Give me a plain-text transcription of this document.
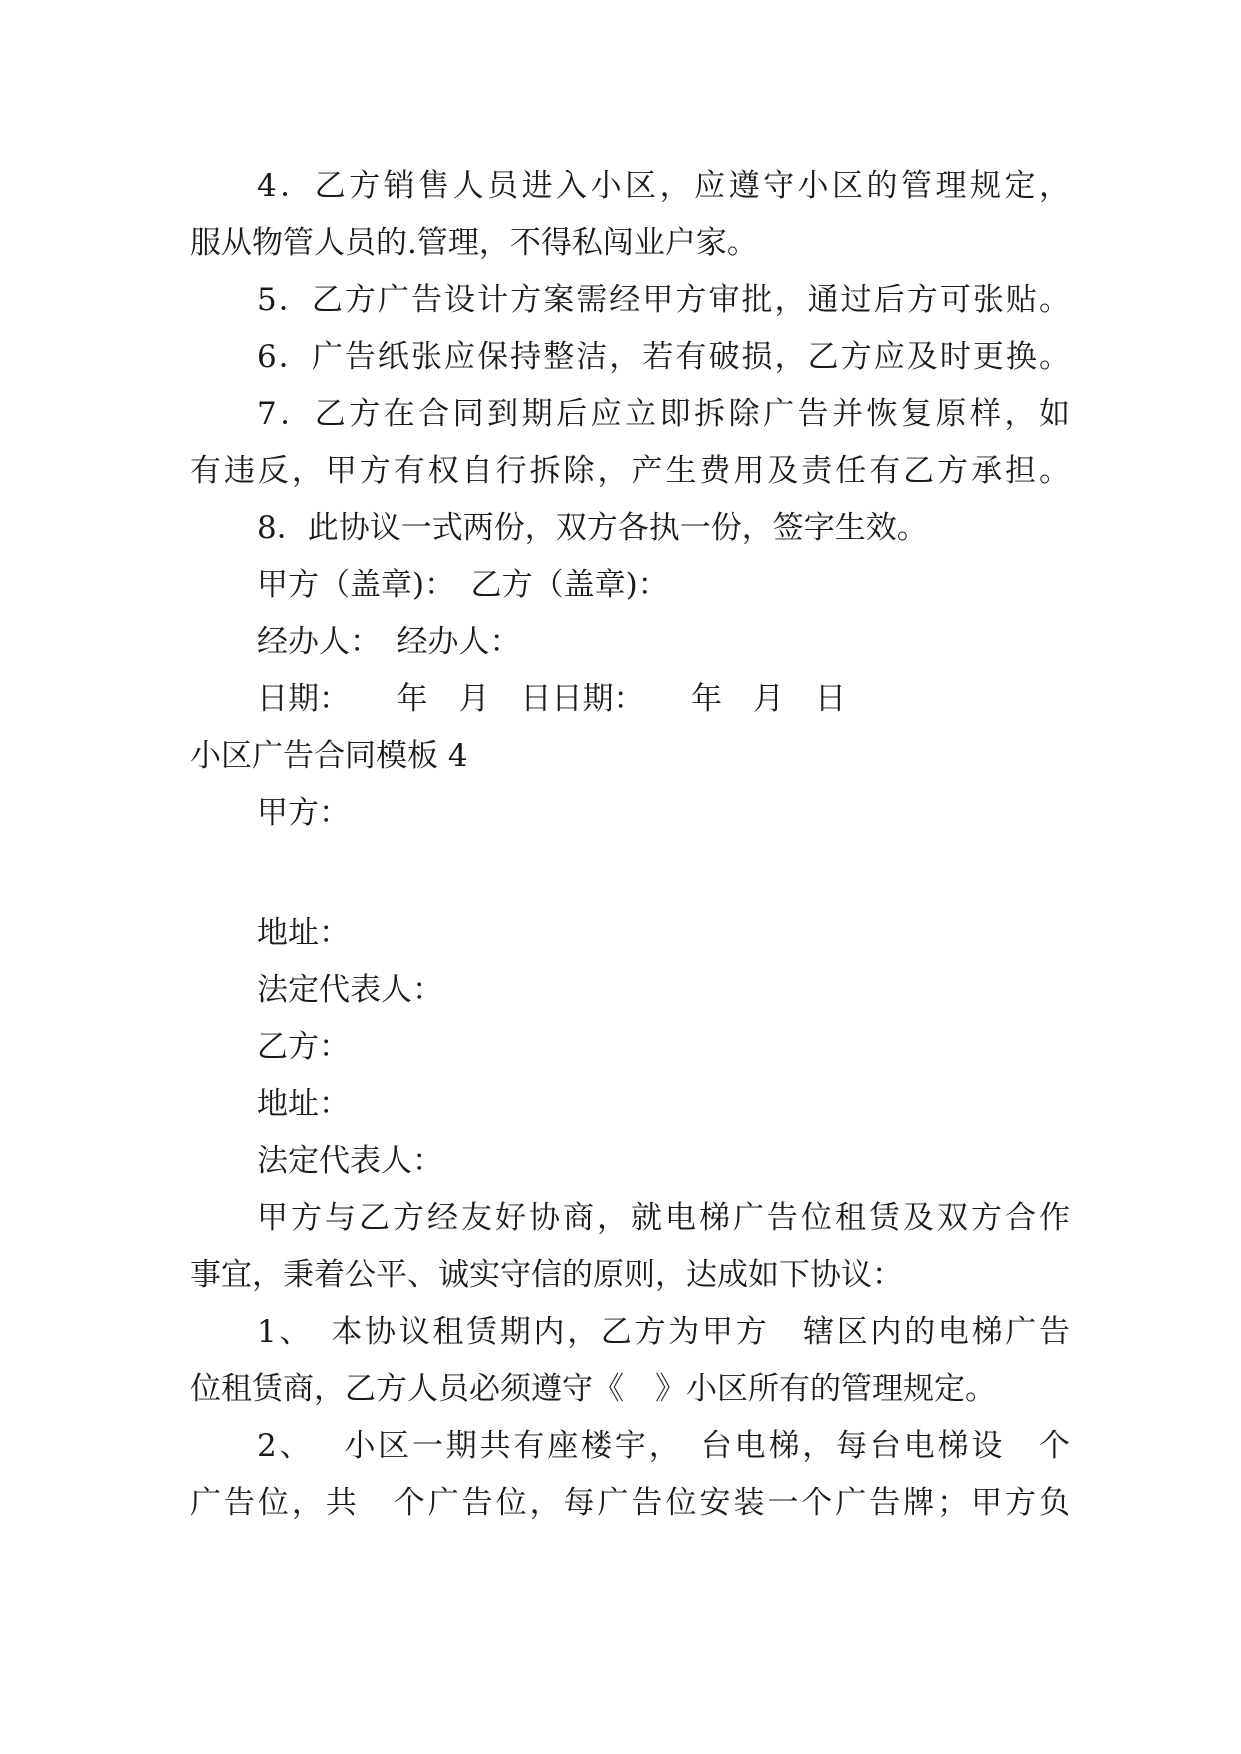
4．乙方销售人员进入小区，应遵守小区的管理规定，
服从物管人员的.管理，不得私闯业户家。
5．乙方广告设计方案需经甲方审批，通过后方可张贴。
6．广告纸张应保持整洁，若有破损，乙方应及时更换。
7．乙方在合同到期后应立即拆除广告并恢复原样，如
有违反，甲方有权自行拆除，产生费用及责任有乙方承担。
8．此协议一式两份，双方各执一份，签字生效。
甲方（盖章)：　乙方（盖章)：
经办人：　经办人：
日期：　　年　月　日日期：　　年　月　日
小区广告合同模板 4
甲方：
地址：
法定代表人：
乙方：
地址：
法定代表人：
甲方与乙方经友好协商，就电梯广告位租赁及双方合作
事宜，秉着公平、诚实守信的原则，达成如下协议：
1、　本协议租赁期内，乙方为甲方　辖区内的电梯广告
位租赁商，乙方人员必须遵守《　》小区所有的管理规定。
2、　 小区一期共有座楼宇，　台电梯，每台电梯设　个
广告位，共　个广告位，每广告位安装一个广告牌；甲方负
